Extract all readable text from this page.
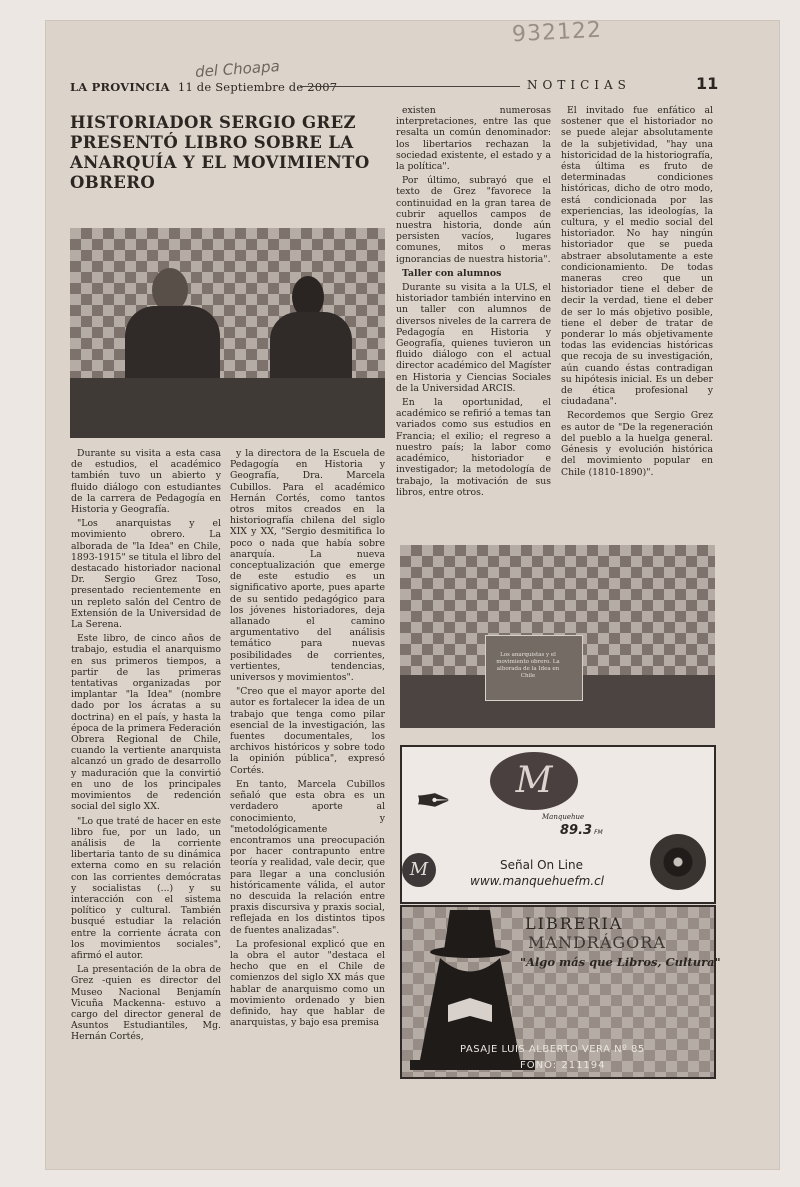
932122
del Choapa
LA PROVINCIA 11 de Septiembre de 2007	NOTICIAS	11
HISTORIADOR SERGIO GREZ PRESENTÓ LIBRO SOBRE LA ANARQUÍA Y EL MOVIMIENTO OBRERO

Durante su visita a esta casa de estudios, el académico también tuvo un abierto y fluido diálogo con estudiantes de la carrera de Pedagogía en Historia y Geografía.

"Los anarquistas y el movimiento obrero. La alborada de "la Idea" en Chile, 1893-1915" se titula el libro del destacado historiador nacional Dr. Sergio Grez Toso, presentado recientemente en un repleto salón del Centro de Extensión de la Universidad de La Serena.

Este libro, de cinco años de trabajo, estudia el anarquismo en sus primeros tiempos, a partir de las primeras tentativas organizadas por implantar "la Idea" (nombre dado por los ácratas a su doctrina) en el país, y hasta la época de la primera Federación Obrera Regional de Chile, cuando la vertiente anarquista alcanzó un grado de desarrollo y maduración que la convirtió en uno de los principales movimientos de redención social del siglo XX.

"Lo que traté de hacer en este libro fue, por un lado, un análisis de la corriente libertaria tanto de su dinámica externa como en su relación con las corrientes demócratas y socialistas (...) y su interacción con el sistema político y cultural. También busqué estudiar la relación entre la corriente ácrata con los movimientos sociales", afirmó el autor.

La presentación de la obra de Grez -quien es director del Museo Nacional Benjamín Vicuña Mackenna- estuvo a cargo del director general de Asuntos Estudiantiles, Mg. Hernán Cortés,

y la directora de la Escuela de Pedagogía en Historia y Geografía, Dra. Marcela Cubillos. Para el académico Hernán Cortés, como tantos otros mitos creados en la historiografía chilena del siglo XIX y XX, "Sergio desmitifica lo poco o nada que había sobre anarquía. La nueva conceptualización que emerge de este estudio es un significativo aporte, pues aparte de su sentido pedagógico para los jóvenes historiadores, deja allanado el camino argumentativo del análisis temático para nuevas posibilidades de corrientes, vertientes, tendencias, universos y movimientos".

"Creo que el mayor aporte del autor es fortalecer la idea de un trabajo que tenga como pilar esencial de la investigación, las fuentes documentales, los archivos históricos y sobre todo la opinión pública", expresó Cortés.

En tanto, Marcela Cubillos señaló que esta obra es un verdadero aporte al conocimiento, y "metodológicamente encontramos una preocupación por hacer contrapunto entre teoría y realidad, vale decir, que para llegar a una conclusión históricamente válida, el autor no descuida la relación entre praxis discursiva y praxis social, reflejada en los distintos tipos de fuentes analizadas".

La profesional explicó que en la obra el autor "destaca el hecho que en el Chile de comienzos del siglo XX más que hablar de anarquismo como un movimiento ordenado y bien definido, hay que hablar de anarquistas, y bajo esa premisa

existen numerosas interpretaciones, entre las que resalta un común denominador: los libertarios rechazan la sociedad existente, el estado y a la política".

Por último, subrayó que el texto de Grez "favorece la continuidad en la gran tarea de cubrir aquellos campos de nuestra historia, donde aún persisten vacíos, lugares comunes, mitos o meras ignorancias de nuestra historia".

Taller con alumnos

Durante su visita a la ULS, el historiador también intervino en un taller con alumnos de diversos niveles de la carrera de Pedagogía en Historia y Geografía, quienes tuvieron un fluido diálogo con el actual director académico del Magíster en Historia y Ciencias Sociales de la Universidad ARCIS.

En la oportunidad, el académico se refirió a temas tan variados como sus estudios en Francia; el exilio; el regreso a nuestro país; la labor como académico, historiador e investigador; la metodología de trabajo, la motivación de sus libros, entre otros.

El invitado fue enfático al sostener que el historiador no se puede alejar absolutamente de la subjetividad, "hay una historicidad de la historiografía, ésta última es fruto de determinadas condiciones históricas, dicho de otro modo, está condicionada por las experiencias, las ideologías, la cultura, y el medio social del historiador. No hay ningún historiador que se pueda abstraer absolutamente a este condicionamiento. De todas maneras creo que un historiador tiene el deber de decir la verdad, tiene el deber de ser lo más objetivo posible, tiene el deber de tratar de ponderar lo más objetivamente todas las evidencias históricas que recoja de su investigación, aún cuando éstas contradigan su hipótesis inicial. Es un deber de ética profesional y ciudadana".

Recordemos que Sergio Grez es autor de "De la regeneración del pueblo a la huelga general. Génesis y evolución histórica del movimiento popular en Chile (1810-1890)".

Los anarquistas y el movimiento obrero. La alborada de la Idea en Chile
M
Manquehue
89.3 FM
✒
M	Señal On Line
www.manquehuefm.cl
LIBRERIA
MANDRÁGORA
"Algo más que Libros, Cultura"
PASAJE LUIS ALBERTO VERA Nº 85
FONO: 211194
